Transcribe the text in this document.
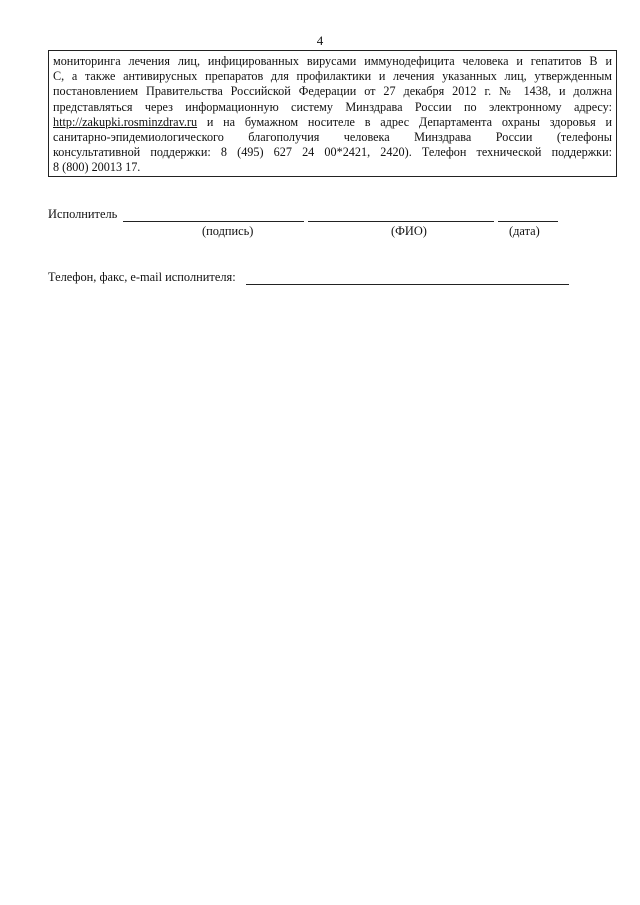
4
мониторинга лечения лиц, инфицированных вирусами иммунодефицита человека и гепатитов В и
С, а также антивирусных препаратов для профилактики и лечения указанных лиц, утвержденным
постановлением Правительства Российской Федерации от 27 декабря 2012 г. № 1438, и должна
представляться через информационную систему Минздрава России по электронному адресу:
http://zakupki.rosminzdrav.ru и на бумажном носителе в адрес Департамента охраны здоровья и
санитарно-эпидемиологического благополучия человека Минздрава России (телефоны
консультативной поддержки: 8 (495) 627 24 00*2421, 2420). Телефон технической поддержки:
8 (800) 20013 17.
Исполнитель
(подпись)	(ФИО)	(дата)
Телефон, факс, e-mail исполнителя:
